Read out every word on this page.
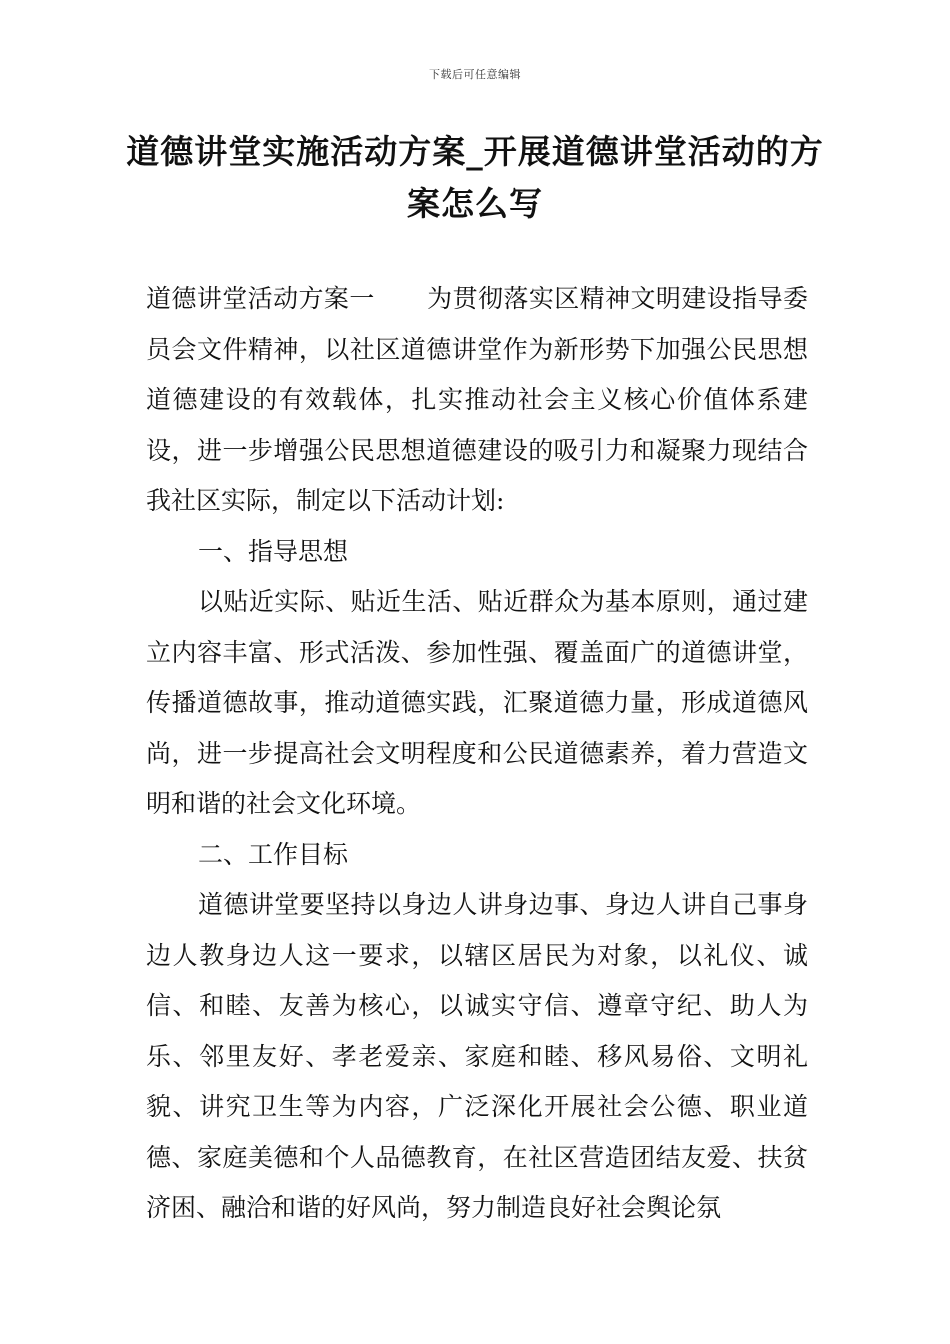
下载后可任意编辑
道德讲堂实施活动方案_开展道德讲堂活动的方案怎么写

道德讲堂活动方案一 为贯彻落实区精神文明建设指导委员会文件精神，以社区道德讲堂作为新形势下加强公民思想道德建设的有效载体，扎实推动社会主义核心价值体系建设，进一步增强公民思想道德建设的吸引力和凝聚力现结合我社区实际，制定以下活动计划:

一、指导思想

以贴近实际、贴近生活、贴近群众为基本原则，通过建立内容丰富、形式活泼、参加性强、覆盖面广的道德讲堂，传播道德故事，推动道德实践，汇聚道德力量，形成道德风尚，进一步提高社会文明程度和公民道德素养，着力营造文明和谐的社会文化环境。

二、工作目标

道德讲堂要坚持以身边人讲身边事、身边人讲自己事身边人教身边人这一要求，以辖区居民为对象，以礼仪、诚信、和睦、友善为核心，以诚实守信、遵章守纪、助人为乐、邻里友好、孝老爱亲、家庭和睦、移风易俗、文明礼貌、讲究卫生等为内容，广泛深化开展社会公德、职业道德、家庭美德和个人品德教育，在社区营造团结友爱、扶贫济困、融洽和谐的好风尚，努力制造良好社会舆论氛
